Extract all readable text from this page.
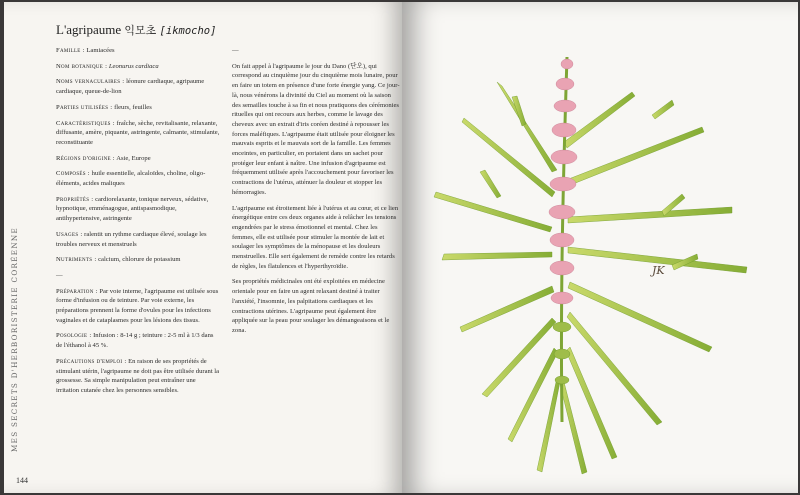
MES SECRETS D'HERBORISTERIE CORÉENNE
L'agripaume 익모초 [ikmocho]

Famille : Lamiacées

Nom botanique : Leonurus cardiaca

Noms vernaculaires : léonure cardiaque, agripaume cardiaque, queue-de-lion

Parties utilisées : fleurs, feuilles

Caractéristiques : fraîche, sèche, revitalisante, relaxante, diffusante, amère, piquante, astringente, calmante, stimulante, reconstituante

Régions d'origine : Asie, Europe

Composés : huile essentielle, alcaloïdes, choline, oligo-éléments, acides maliques

Propriétés : cardiorelaxante, tonique nerveux, sédative, hypnotique, emménagogue, antispasmodique, antihypertensive, astringente

Usages : ralentit un rythme cardiaque élevé, soulage les troubles nerveux et menstruels

Nutriments : calcium, chlorure de potassium

—

Préparation : Par voie interne, l'agripaume est utilisée sous forme d'infusion ou de teinture. Par voie externe, les préparations prennent la forme d'ovules pour les infections vaginales et de cataplasmes pour les lésions des tissus.

Posologie : Infusion : 8-14 g ; teinture : 2-5 ml à 1/3 dans de l'éthanol à 45 %.

Précautions d'emploi : En raison de ses propriétés de stimulant utérin, l'agripaume ne doit pas être utilisée durant la grossesse. Sa simple manipulation peut entraîner une irritation cutanée chez les personnes sensibles.

—

On fait appel à l'agripaume le jour du Dano (단오), qui correspond au cinquième jour du cinquième mois lunaire, pour en faire un totem en présence d'une forte énergie yang. Ce jour-là, nous vénérons la divinité du Ciel au moment où la saison des semailles touche à sa fin et nous pratiquons des cérémonies rituelles qui ont recours aux herbes, comme le lavage des cheveux avec un extrait d'iris coréen destiné à repousser les forces maléfiques. L'agripaume était utilisée pour éloigner les mauvais esprits et le mauvais sort de la famille. Les femmes enceintes, en particulier, en portaient dans un sachet pour protéger leur enfant à naître. Une infusion d'agripaume est fréquemment utilisée après l'accouchement pour favoriser les contractions de l'utérus, atténuer la douleur et stopper les hémorragies.

L'agripaume est étroitement liée à l'utérus et au cœur, et ce lien énergétique entre ces deux organes aide à relâcher les tensions engendrées par le stress émotionnel et mental. Chez les femmes, elle est utilisée pour stimuler la montée de lait et soulager les symptômes de la ménopause et les douleurs menstruelles. Elle sert également de remède contre les retards de règles, les flatulences et l'hyperthyroïdie.

Ses propriétés médicinales ont été exploitées en médecine orientale pour en faire un agent relaxant destiné à traiter l'anxiété, l'insomnie, les palpitations cardiaques et les contractions utérines. L'agripaume peut également être appliquée sur la peau pour soulager les démangeaisons et le zona.

144
JK
